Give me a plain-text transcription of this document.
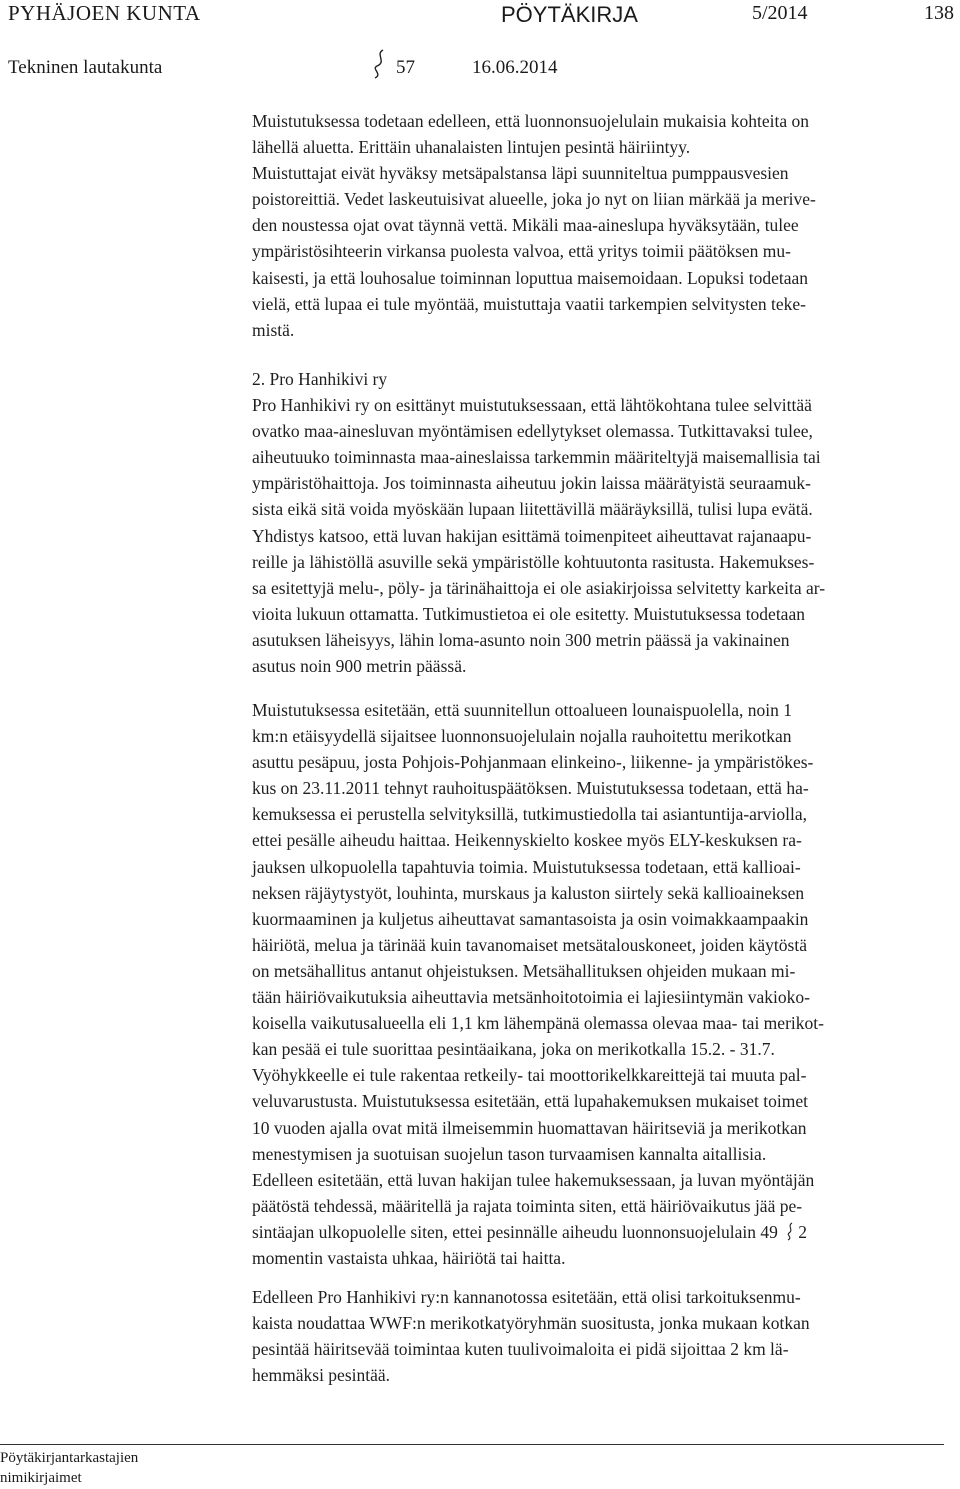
PYHÄJOEN KUNTA	PÖYTÄKIRJA	5/2014	138
Tekninen lautakunta	57	16.06.2014
Muistutuksessa todetaan edelleen, että luonnonsuojelulain mukaisia kohteita on
lähellä aluetta. Erittäin uhanalaisten lintujen pesintä häiriintyy.
Muistuttajat eivät hyväksy metsäpalstansa läpi suunniteltua pumppausvesien
poistoreittiä. Vedet laskeutuisivat alueelle, joka jo nyt on liian märkää ja merive-
den noustessa ojat ovat täynnä vettä. Mikäli maa-aineslupa hyväksytään, tulee
ympäristösihteerin virkansa puolesta valvoa, että yritys toimii päätöksen mu-
kaisesti, ja että louhosalue toiminnan loputtua maisemoidaan. Lopuksi todetaan
vielä, että lupaa ei tule myöntää, muistuttaja vaatii tarkempien selvitysten teke-
mistä.
2. Pro Hanhikivi ry
Pro Hanhikivi ry on esittänyt muistutuksessaan, että lähtökohtana tulee selvittää
ovatko maa-ainesluvan myöntämisen edellytykset olemassa. Tutkittavaksi tulee,
aiheutuuko toiminnasta maa-aineslaissa tarkemmin määriteltyjä maisemallisia tai
ympäristöhaittoja. Jos toiminnasta aiheutuu jokin laissa määrätyistä seuraamuk-
sista eikä sitä voida myöskään lupaan liitettävillä määräyksillä, tulisi lupa evätä.
Yhdistys katsoo, että luvan hakijan esittämä toimenpiteet aiheuttavat rajanaapu-
reille ja lähistöllä asuville sekä ympäristölle kohtuutonta rasitusta. Hakemukses-
sa esitettyjä melu-, pöly- ja tärinähaittoja ei ole asiakirjoissa selvitetty karkeita ar-
vioita lukuun ottamatta. Tutkimustietoa ei ole esitetty. Muistutuksessa todetaan
asutuksen läheisyys, lähin loma-asunto noin 300 metrin päässä ja vakinainen
asutus noin 900 metrin päässä.
Muistutuksessa esitetään, että suunnitellun ottoalueen lounaispuolella, noin 1
km:n etäisyydellä sijaitsee luonnonsuojelulain nojalla rauhoitettu merikotkan
asuttu pesäpuu, josta Pohjois-Pohjanmaan elinkeino-, liikenne- ja ympäristökes-
kus on 23.11.2011 tehnyt rauhoituspäätöksen. Muistutuksessa todetaan, että ha-
kemuksessa ei perustella selvityksillä, tutkimustiedolla tai asiantuntija-arviolla,
ettei pesälle aiheudu haittaa. Heikennyskielto koskee myös ELY-keskuksen ra-
jauksen ulkopuolella tapahtuvia toimia. Muistutuksessa todetaan, että kallioai-
neksen räjäytystyöt, louhinta, murskaus ja kaluston siirtely sekä kallioaineksen
kuormaaminen ja kuljetus aiheuttavat samantasoista ja osin voimakkaampaakin
häiriötä, melua ja tärinää kuin tavanomaiset metsätalouskoneet, joiden käytöstä
on metsähallitus antanut ohjeistuksen. Metsähallituksen ohjeiden mukaan mi-
tään häiriövaikutuksia aiheuttavia metsänhoitotoimia ei lajiesiintymän vakioko-
koisella vaikutusalueella eli 1,1 km lähempänä olemassa olevaa maa- tai merikot-
kan pesää ei tule suorittaa pesintäaikana, joka on merikotkalla 15.2. - 31.7.
Vyöhykkeelle ei tule rakentaa retkeily- tai moottorikelkkareittejä tai muuta pal-
veluvarustusta. Muistutuksessa esitetään, että lupahakemuksen mukaiset toimet
10 vuoden ajalla ovat mitä ilmeisemmin huomattavan häiritseviä ja merikotkan
menestymisen ja suotuisan suojelun tason turvaamisen kannalta aitallisia.
Edelleen esitetään, että luvan hakijan tulee hakemuksessaan, ja luvan myöntäjän
päätöstä tehdessä, määritellä ja rajata toiminta siten, että häiriövaikutus jää pe-
sintäajan ulkopuolelle siten, ettei pesinnälle aiheudu luonnonsuojelulain 49 2
momentin vastaista uhkaa, häiriötä tai haitta.
Edelleen Pro Hanhikivi ry:n kannanotossa esitetään, että olisi tarkoituksenmu-
kaista noudattaa WWF:n merikotkatyöryhmän suositusta, jonka mukaan kotkan
pesintää häiritsevää toimintaa kuten tuulivoimaloita ei pidä sijoittaa 2 km lä-
hemmäksi pesintää.
Pöytäkirjantarkastajien
nimikirjaimet
